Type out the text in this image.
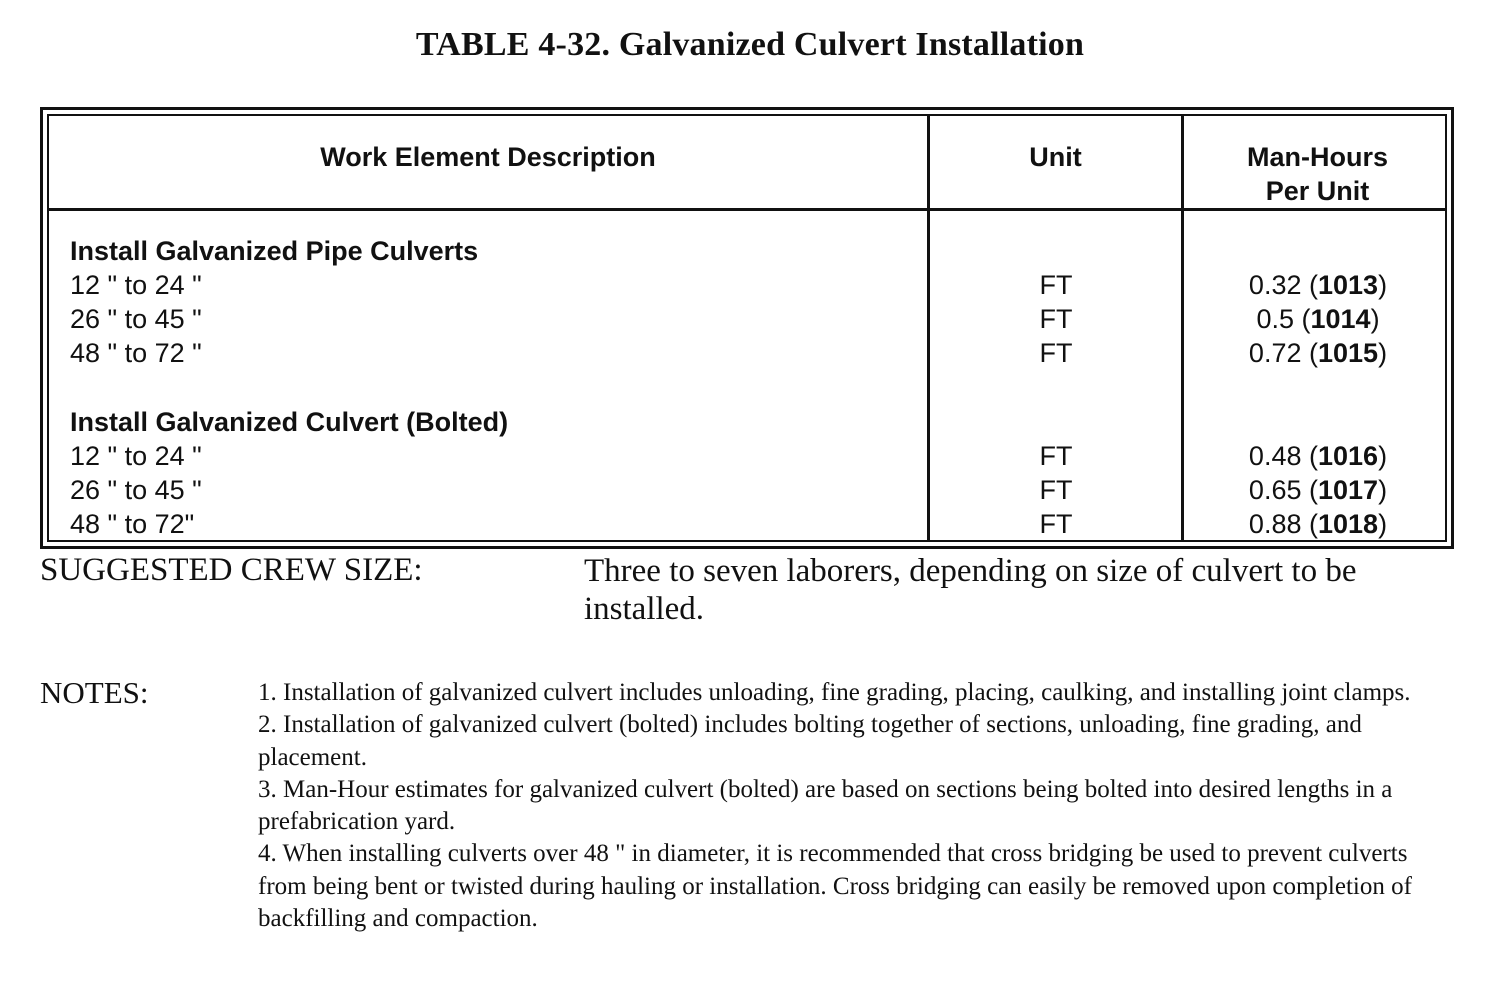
TABLE 4-32. Galvanized Culvert Installation
Work Element Description	Unit	Man-Hours
Per Unit
Install Galvanized Pipe Culverts
12 " to 24 "	FT	0.32 (1013)
26 " to 45 "	FT	0.5 (1014)
48 " to 72 "	FT	0.72 (1015)
Install Galvanized Culvert (Bolted)
12 " to 24 "	FT	0.48 (1016)
26 " to 45 "	FT	0.65 (1017)
48 " to 72"	FT	0.88 (1018)
SUGGESTED CREW SIZE:	Three to seven laborers, depending on size of culvert to be installed.
NOTES:	1. Installation of galvanized culvert includes unloading, fine grading, placing, caulking, and installing joint clamps.

2. Installation of galvanized culvert (bolted) includes bolting together of sections, unloading, fine grading, and placement.

3. Man-Hour estimates for galvanized culvert (bolted) are based on sections being bolted into desired lengths in a prefabrication yard.

4. When installing culverts over 48 " in diameter, it is recommended that cross bridging be used to prevent culverts from being bent or twisted during hauling or installation. Cross bridging can easily be removed upon completion of backfilling and compaction.
